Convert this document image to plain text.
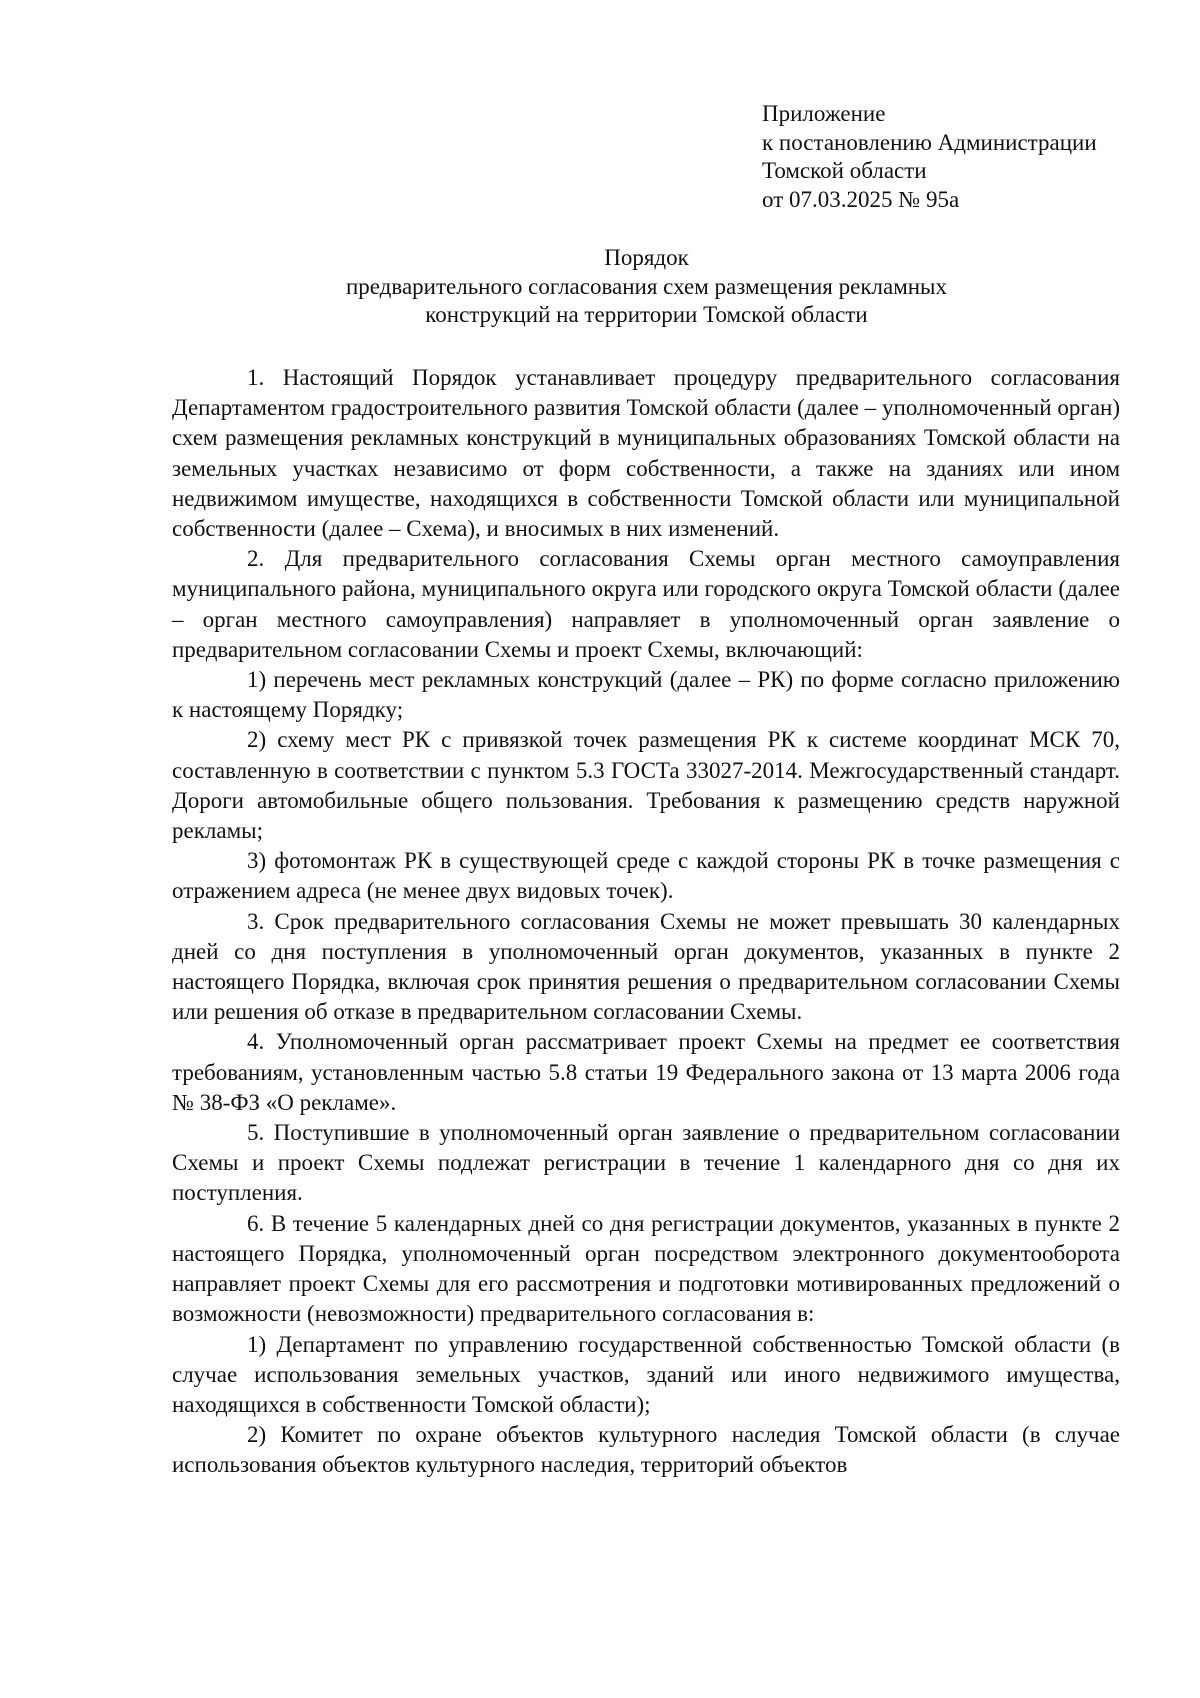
Приложение
к постановлению Администрации
Томской области
от 07.03.2025 № 95а
Порядок
предварительного согласования схем размещения рекламных
конструкций на территории Томской области

1. Настоящий Порядок устанавливает процедуру предварительного согласования Департаментом градостроительного развития Томской области (далее – уполномоченный орган) схем размещения рекламных конструкций в муниципальных образованиях Томской области на земельных участках независимо от форм собственности, а также на зданиях или ином недвижимом имуществе, находящихся в собственности Томской области или муниципальной собственности (далее – Схема), и вносимых в них изменений.

2. Для предварительного согласования Схемы орган местного самоуправления муниципального района, муниципального округа или городского округа Томской области (далее – орган местного самоуправления) направляет в уполномоченный орган заявление о предварительном согласовании Схемы и проект Схемы, включающий:

1) перечень мест рекламных конструкций (далее – РК) по форме согласно приложению к настоящему Порядку;

2) схему мест РК с привязкой точек размещения РК к системе координат МСК 70, составленную в соответствии с пунктом 5.3 ГОСТа 33027-2014. Межгосударственный стандарт. Дороги автомобильные общего пользования. Требования к размещению средств наружной рекламы;

3) фотомонтаж РК в существующей среде с каждой стороны РК в точке размещения с отражением адреса (не менее двух видовых точек).

3. Срок предварительного согласования Схемы не может превышать 30 календарных дней со дня поступления в уполномоченный орган документов, указанных в пункте 2 настоящего Порядка, включая срок принятия решения о предварительном согласовании Схемы или решения об отказе в предварительном согласовании Схемы.

4. Уполномоченный орган рассматривает проект Схемы на предмет ее соответствия требованиям, установленным частью 5.8 статьи 19 Федерального закона от 13 марта 2006 года № 38-ФЗ «О рекламе».

5. Поступившие в уполномоченный орган заявление о предварительном согласовании Схемы и проект Схемы подлежат регистрации в течение 1 календарного дня со дня их поступления.

6. В течение 5 календарных дней со дня регистрации документов, указанных в пункте 2 настоящего Порядка, уполномоченный орган посредством электронного документооборота направляет проект Схемы для его рассмотрения и подготовки мотивированных предложений о возможности (невозможности) предварительного согласования в:

1) Департамент по управлению государственной собственностью Томской области (в случае использования земельных участков, зданий или иного недвижимого имущества, находящихся в собственности Томской области);

2) Комитет по охране объектов культурного наследия Томской области (в случае использования объектов культурного наследия, территорий объектов
